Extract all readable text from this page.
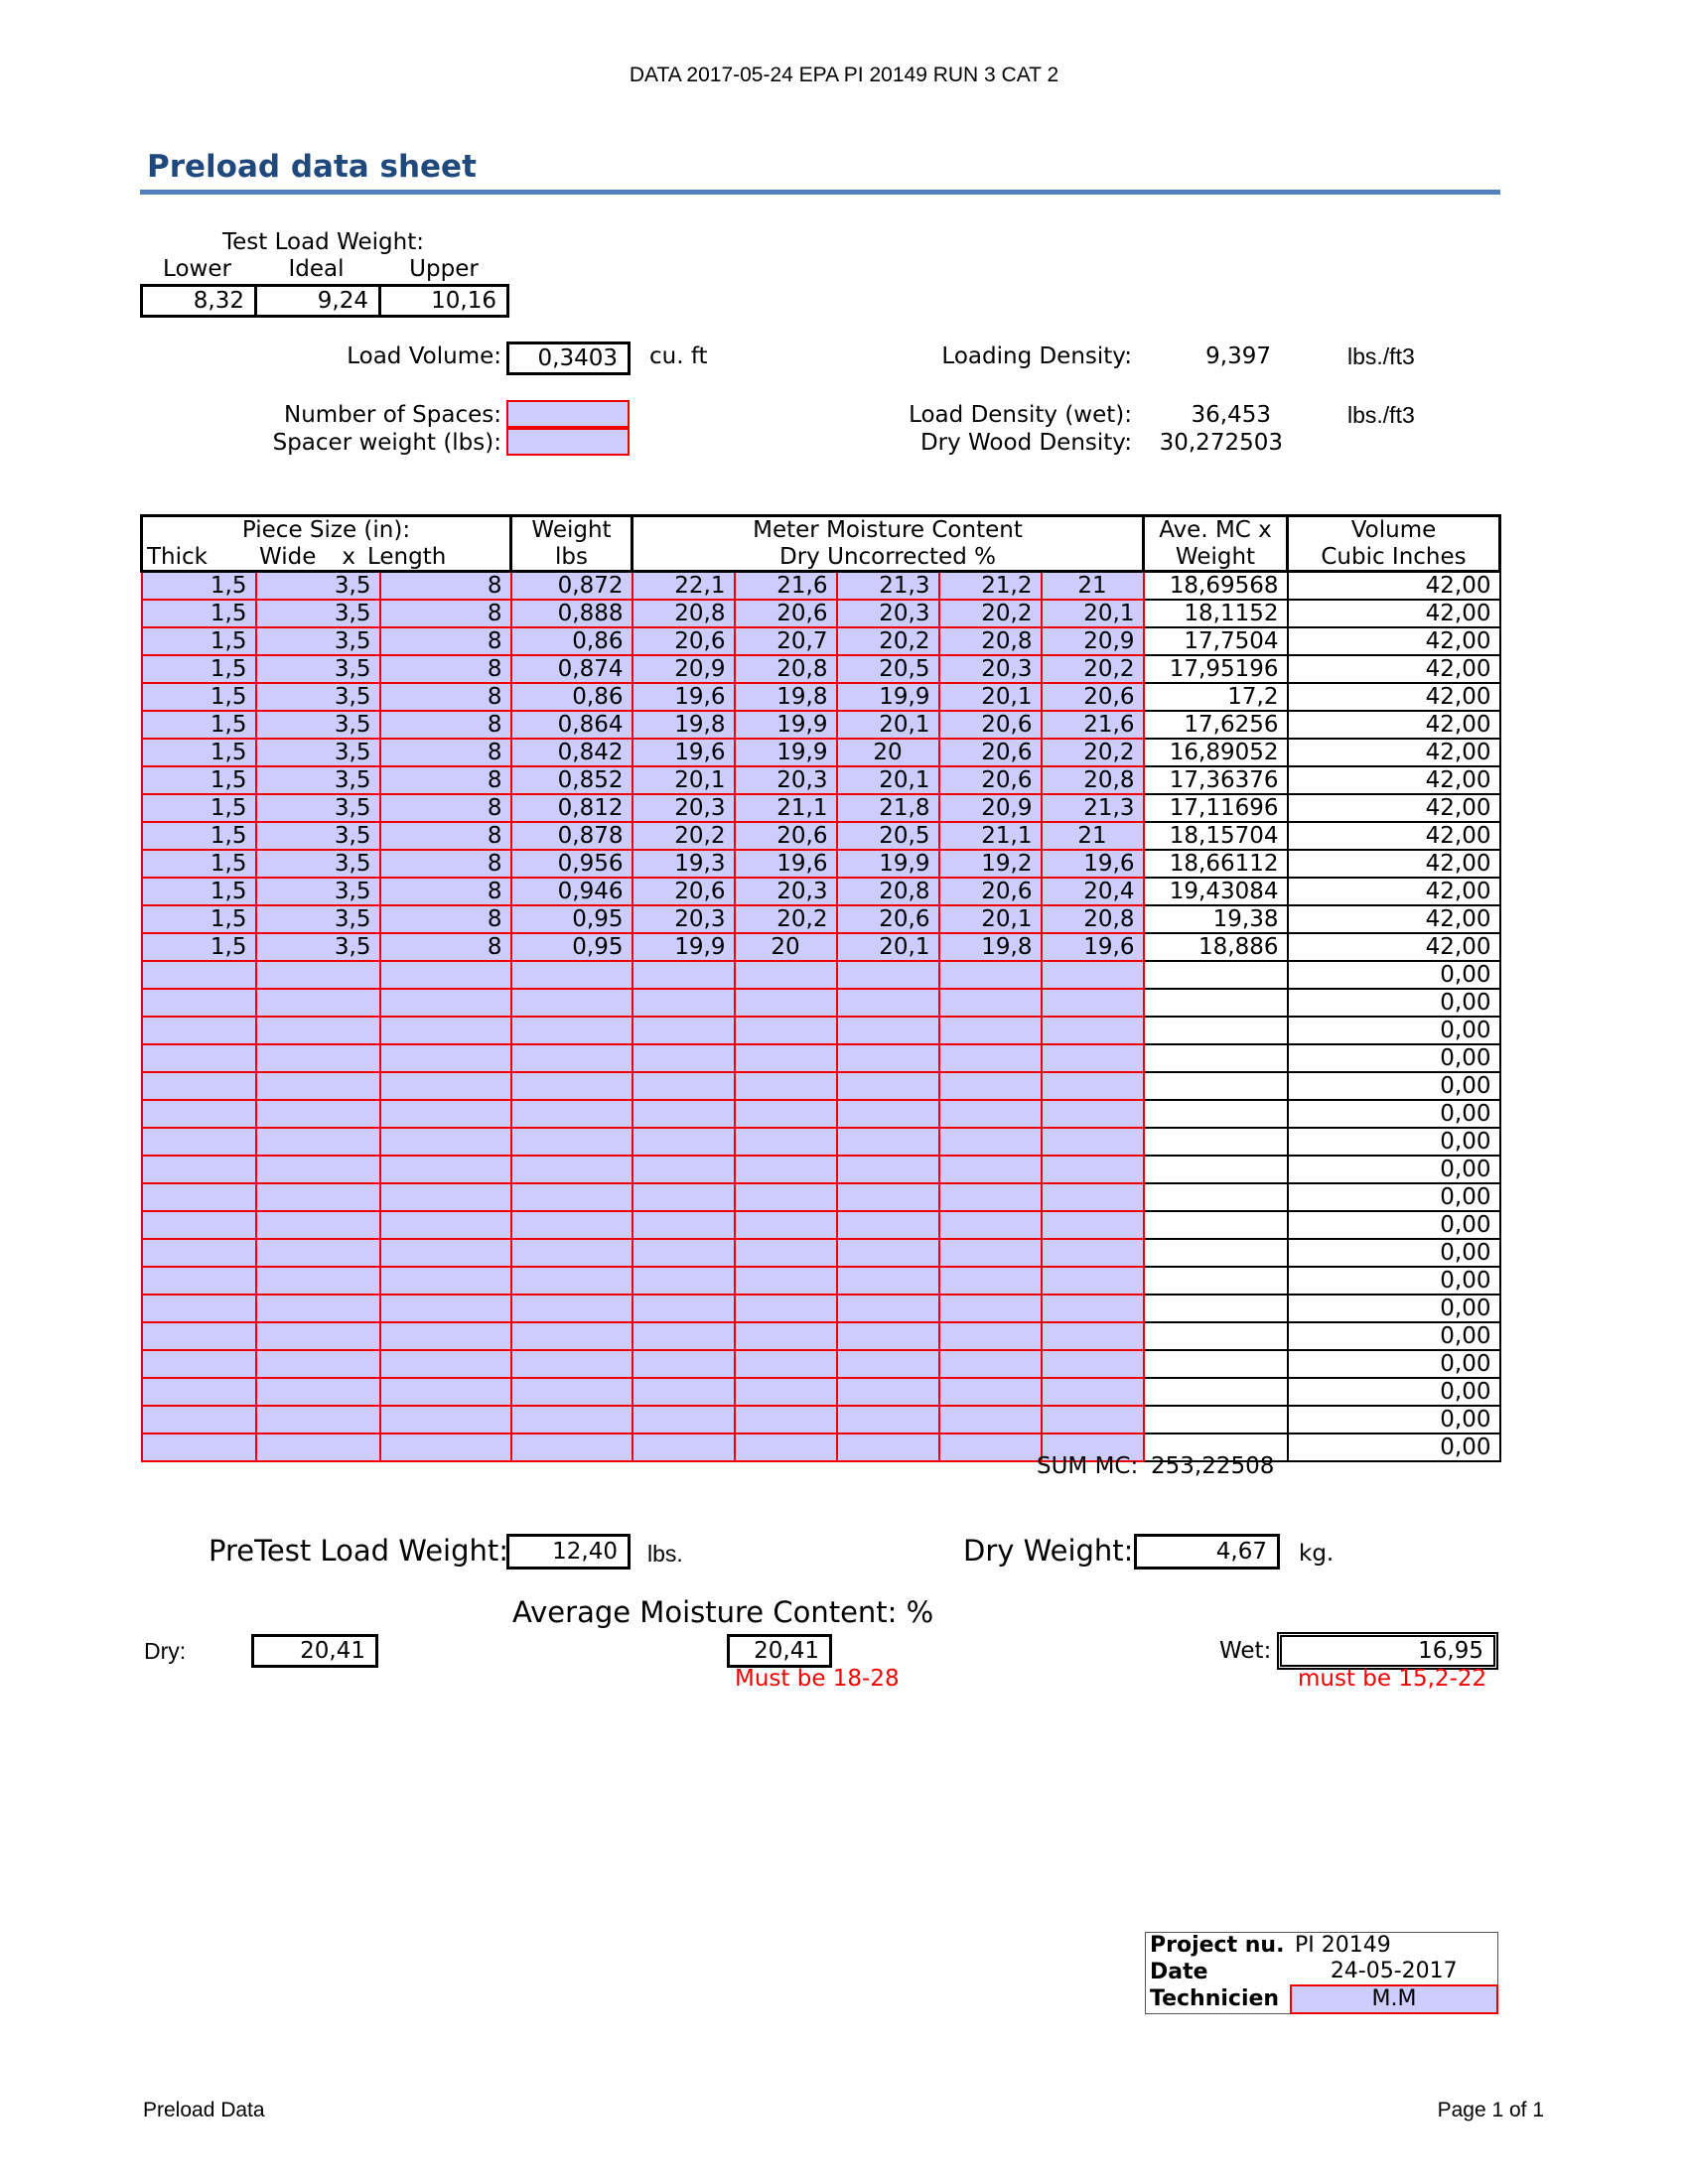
DATA 2017-05-24 EPA PI 20149 RUN 3 CAT 2
Preload data sheet
Test Load Weight:
Lower	Ideal	Upper
8,32	9,24	10,16
Load Volume:	0,3403	cu. ft	Loading Density:	9,397	lbs./ft3
Number of Spaces:
Spacer weight (lbs):
Load Density (wet):	36,453	lbs./ft3
Dry Wood Density:	30,272503
Piece Size (in):			Weight	Meter Moisture Content					Ave. MC x	Volume
Thick Wide x Length			lbs	Dry Uncorrected %					Weight	Cubic Inches
1,5	3,5	8	0,872	22,1	21,6	21,3	21,2	21	18,69568	42,00
1,5	3,5	8	0,888	20,8	20,6	20,3	20,2	20,1	18,1152	42,00
1,5	3,5	8	0,86	20,6	20,7	20,2	20,8	20,9	17,7504	42,00
1,5	3,5	8	0,874	20,9	20,8	20,5	20,3	20,2	17,95196	42,00
1,5	3,5	8	0,86	19,6	19,8	19,9	20,1	20,6	17,2	42,00
1,5	3,5	8	0,864	19,8	19,9	20,1	20,6	21,6	17,6256	42,00
1,5	3,5	8	0,842	19,6	19,9	20	20,6	20,2	16,89052	42,00
1,5	3,5	8	0,852	20,1	20,3	20,1	20,6	20,8	17,36376	42,00
1,5	3,5	8	0,812	20,3	21,1	21,8	20,9	21,3	17,11696	42,00
1,5	3,5	8	0,878	20,2	20,6	20,5	21,1	21	18,15704	42,00
1,5	3,5	8	0,956	19,3	19,6	19,9	19,2	19,6	18,66112	42,00
1,5	3,5	8	0,946	20,6	20,3	20,8	20,6	20,4	19,43084	42,00
1,5	3,5	8	0,95	20,3	20,2	20,6	20,1	20,8	19,38	42,00
1,5	3,5	8	0,95	19,9	20	20,1	19,8	19,6	18,886	42,00
										0,00
										0,00
										0,00
										0,00
										0,00
										0,00
										0,00
										0,00
										0,00
										0,00
										0,00
										0,00
										0,00
										0,00
										0,00
										0,00
										0,00
										0,00
SUM MC: 253,22508
PreTest Load Weight:	12,40	lbs.	Dry Weight:	4,67	kg.
Average Moisture Content: %
Dry:	20,41	20,41
Must be 18-28
Wet:	16,95
must be 15,2-22
Project nu.	PI 20149
Date	24-05-2017
Technicien	M.M
Preload Data	Page 1 of 1
